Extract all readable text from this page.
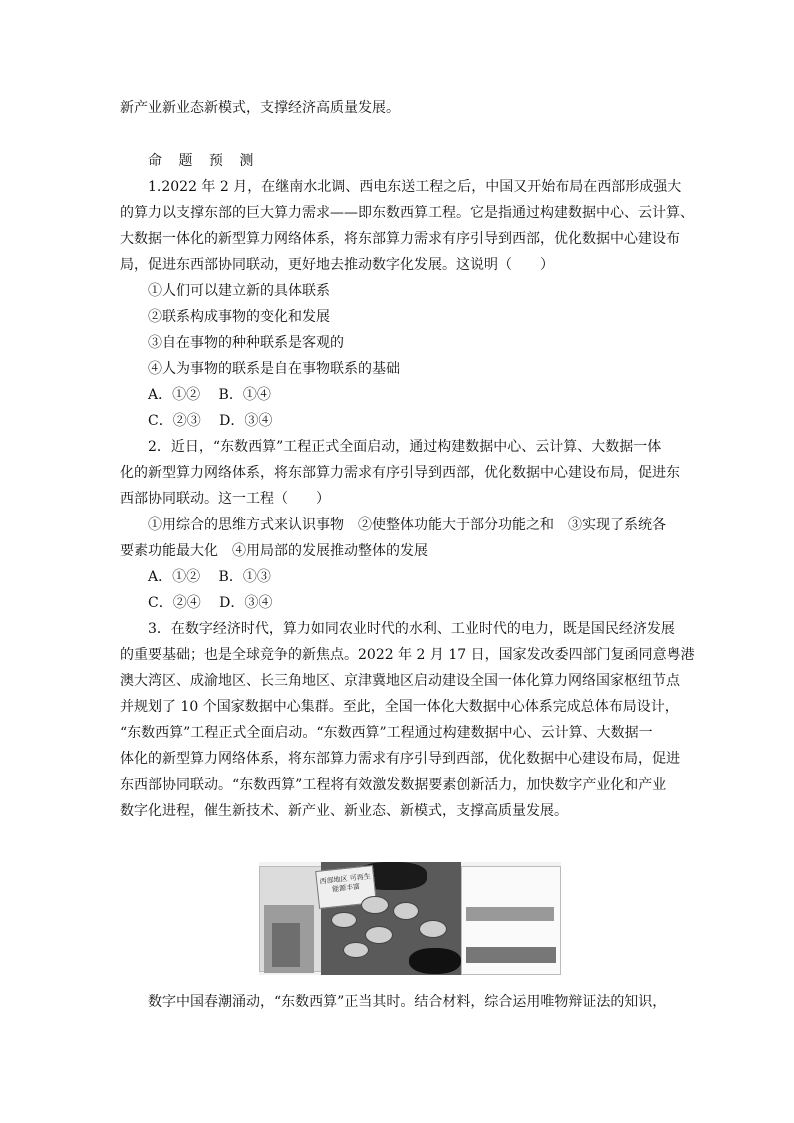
新产业新业态新模式，支撑经济高质量发展。
命 题 预 测
1.2022 年 2 月，在继南水北调、西电东送工程之后，中国又开始布局在西部形成强大
的算力以支撑东部的巨大算力需求——即东数西算工程。它是指通过构建数据中心、云计算、
大数据一体化的新型算力网络体系，将东部算力需求有序引导到西部，优化数据中心建设布
局，促进东西部协同联动，更好地去推动数字化发展。这说明（　　）
①人们可以建立新的具体联系
②联系构成事物的变化和发展
③自在事物的种种联系是客观的
④人为事物的联系是自在事物联系的基础
A．①②　 B．①④
C．②③　 D．③④
2．近日，“东数西算”工程正式全面启动，通过构建数据中心、云计算、大数据一体
化的新型算力网络体系，将东部算力需求有序引导到西部，优化数据中心建设布局，促进东
西部协同联动。这一工程（　　）
①用综合的思维方式来认识事物　②使整体功能大于部分功能之和　③实现了系统各
要素功能最大化　④用局部的发展推动整体的发展
A．①②　 B．①③
C．②④　 D．③④
3．在数字经济时代，算力如同农业时代的水利、工业时代的电力，既是国民经济发展
的重要基础；也是全球竞争的新焦点。2022 年 2 月 17 日，国家发改委四部门复函同意粤港
澳大湾区、成渝地区、长三角地区、京津冀地区启动建设全国一体化算力网络国家枢纽节点
并规划了 10 个国家数据中心集群。至此，全国一体化大数据中心体系完成总体布局设计，
“东数西算”工程正式全面启动。“东数西算”工程通过构建数据中心、云计算、大数据一
体化的新型算力网络体系，将东部算力需求有序引导到西部，优化数据中心建设布局，促进
东西部协同联动。“东数西算”工程将有效激发数据要素创新活力，加快数字产业化和产业
数字化进程，催生新技术、新产业、新业态、新模式，支撑高质量发展。
西部地区 可再生能源丰富
数字中国春潮涌动，“东数西算”正当其时。结合材料，综合运用唯物辩证法的知识，
